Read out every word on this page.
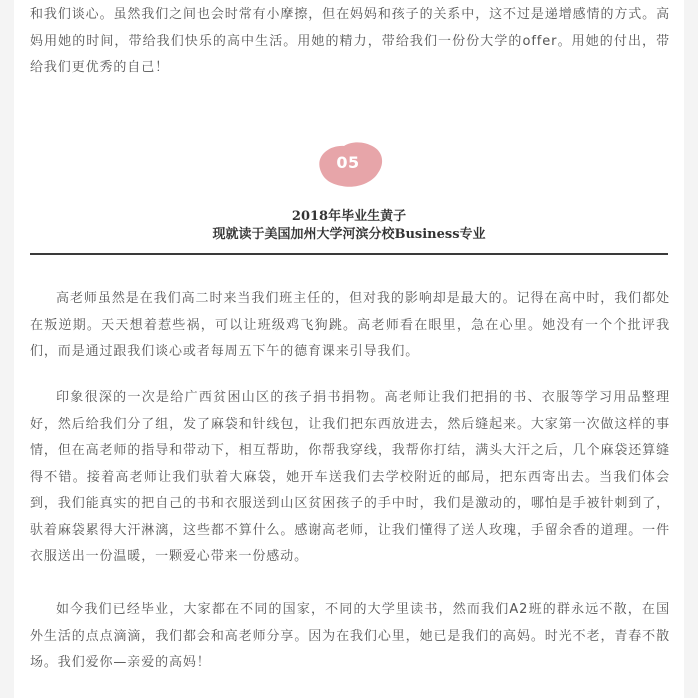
和我们谈心。虽然我们之间也会时常有小摩擦，但在妈妈和孩子的关系中，这不过是递增感情的方式。高妈用她的时间，带给我们快乐的高中生活。用她的精力，带给我们一份份大学的offer。用她的付出，带给我们更优秀的自己！

05
2018年毕业生黄子
现就读于美国加州大学河滨分校Business专业

高老师虽然是在我们高二时来当我们班主任的，但对我的影响却是最大的。记得在高中时，我们都处在叛逆期。天天想着惹些祸，可以让班级鸡飞狗跳。高老师看在眼里，急在心里。她没有一个个批评我们，而是通过跟我们谈心或者每周五下午的德育课来引导我们。

印象很深的一次是给广西贫困山区的孩子捐书捐物。高老师让我们把捐的书、衣服等学习用品整理好，然后给我们分了组，发了麻袋和针线包，让我们把东西放进去，然后缝起来。大家第一次做这样的事情，但在高老师的指导和带动下，相互帮助，你帮我穿线，我帮你打结，满头大汗之后，几个麻袋还算缝得不错。接着高老师让我们驮着大麻袋，她开车送我们去学校附近的邮局，把东西寄出去。当我们体会到，我们能真实的把自己的书和衣服送到山区贫困孩子的手中时，我们是激动的，哪怕是手被针刺到了，驮着麻袋累得大汗淋漓，这些都不算什么。感谢高老师，让我们懂得了送人玫瑰，手留余香的道理。一件衣服送出一份温暖，一颗爱心带来一份感动。

如今我们已经毕业，大家都在不同的国家，不同的大学里读书，然而我们A2班的群永远不散，在国外生活的点点滴滴，我们都会和高老师分享。因为在我们心里，她已是我们的高妈。时光不老，青春不散场。我们爱你—亲爱的高妈！
